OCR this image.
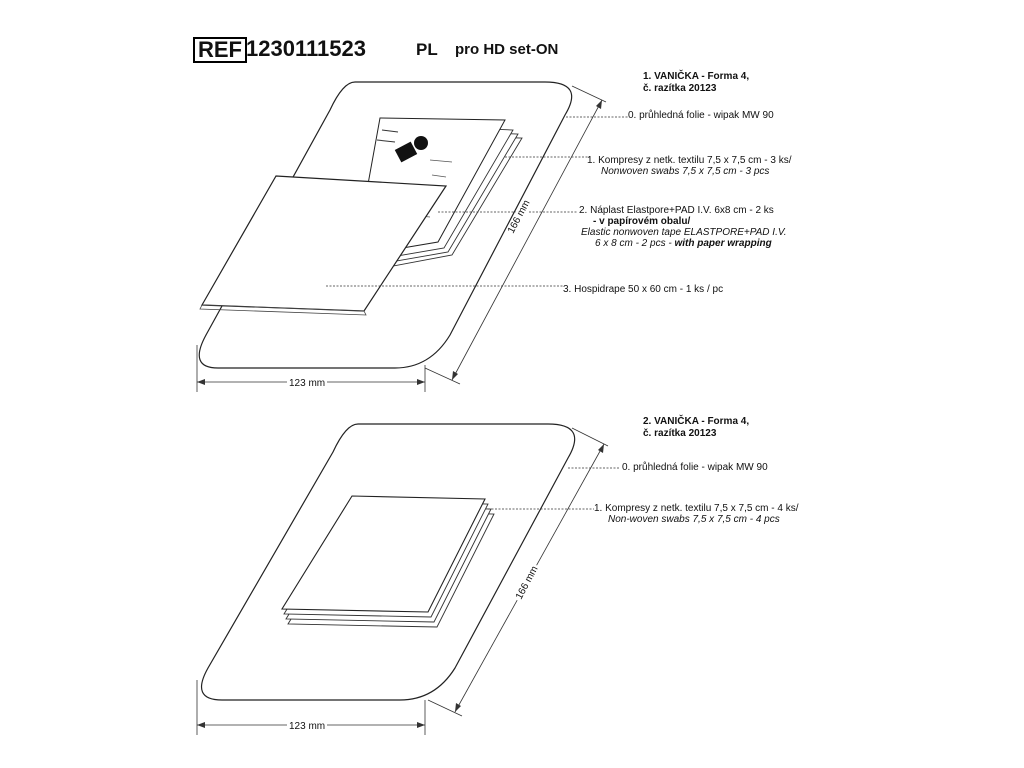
REF 1230111523	PL pro HD set-ON
1. VANIČKA - Forma 4,
č. razítka 20123
0. průhledná folie - wipak MW 90
1. Kompresy z netk. textilu 7,5 x 7,5 cm - 3 ks/
Nonwoven swabs 7,5 x 7,5 cm - 3 pcs
2. Náplast Elastpore+PAD I.V. 6x8 cm - 2 ks
- v papírovém obalu/
Elastic nonwoven tape ELASTPORE+PAD I.V.
6 x 8 cm - 2 pcs - with paper wrapping
3. Hospidrape 50 x 60 cm - 1 ks / pc
123 mm
166 mm
2. VANIČKA - Forma 4,
č. razítka 20123
0. průhledná folie - wipak MW 90
1. Kompresy z netk. textilu 7,5 x 7,5 cm - 4 ks/
Non-woven swabs 7,5 x 7,5 cm - 4 pcs
123 mm
166 mm
